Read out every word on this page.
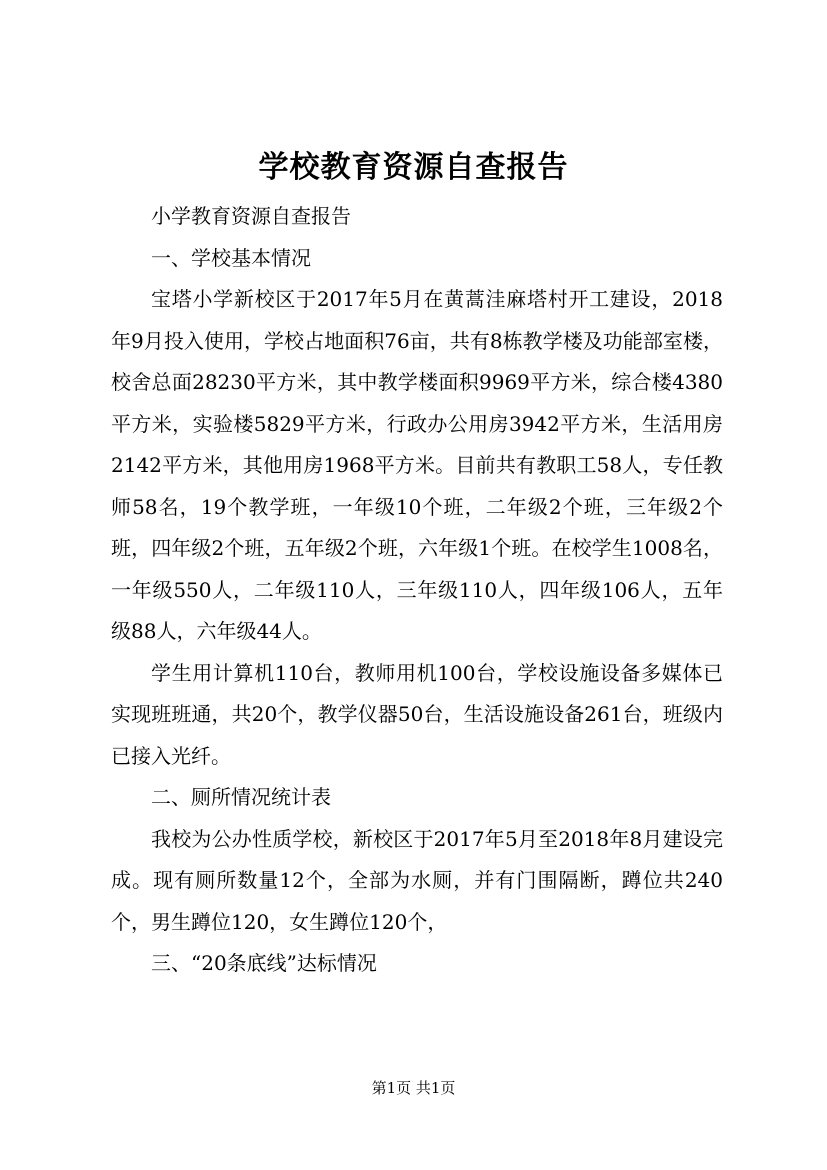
学校教育资源自查报告

小学教育资源自查报告

一、学校基本情况

宝塔小学新校区于2017年5月在黄蒿洼麻塔村开工建设，2018年9月投入使用，学校占地面积76亩，共有8栋教学楼及功能部室楼，校舍总面28230平方米，其中教学楼面积9969平方米，综合楼4380平方米，实验楼5829平方米，行政办公用房3942平方米，生活用房2142平方米，其他用房1968平方米。目前共有教职工58人，专任教师58名，19个教学班，一年级10个班，二年级2个班，三年级2个班，四年级2个班，五年级2个班，六年级1个班。在校学生1008名，一年级550人，二年级110人，三年级110人，四年级106人，五年级88人，六年级44人。

学生用计算机110台，教师用机100台，学校设施设备多媒体已实现班班通，共20个，教学仪器50台，生活设施设备261台，班级内已接入光纤。

二、厕所情况统计表

我校为公办性质学校，新校区于2017年5月至2018年8月建设完成。现有厕所数量12个，全部为水厕，并有门围隔断，蹲位共240个，男生蹲位120，女生蹲位120个，

三、“20条底线”达标情况

第1页 共1页
